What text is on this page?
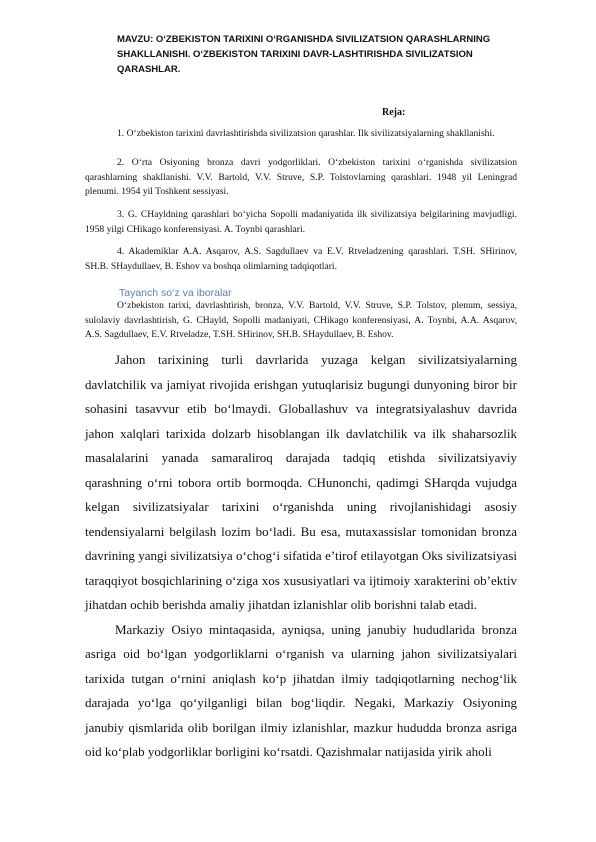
MAVZU: O‘ZBEKISTON TARIXINI O‘RGANISHDA SIVILIZATSION QARASHLARNING SHAKLLANISHI. O‘ZBEKISTON TARIXINI DAVR-LASHTIRISHDA SIVILIZATSION QARASHLAR.
Reja:

1. O‘zbekiston tarixini davrlashtirishda sivilizatsion qarashlar. Ilk sivilizatsiyalarning shakllanishi.

2. O‘rta Osiyoning bronza davri yodgorliklari. O‘zbekiston tarixini o‘rganishda sivilizatsion qarashlarning shakllanishi. V.V. Bartold, V.V. Struve, S.P. Tolstovlarning qarashlari. 1948 yil Leningrad plenumi. 1954 yil Toshkent sessiyasi.

3. G. CHayldning qarashlari bo‘yicha Sopolli madaniyatida ilk sivilizatsiya belgilarining mavjudligi. 1958 yilgi CHikago konferensiyasi. A. Toynbi qarashlari.

4. Akademiklar A.A. Asqarov, A.S. Sagdullaev va E.V. Rtveladzening qarashlari. T.SH. SHirinov, SH.B. SHaydullaev, B. Eshov va boshqa olimlarning tadqiqotlari.

Tayanch so‘z va iboralar

O‘zbekiston tarixi, davrlashtirish, bronza, V.V. Bartold, V.V. Struve, S.P. Tolstov, plenum, sessiya, sulolaviy davrlashtirish, G. CHayld, Sopolli madaniyati, CHikago konferensiyasi, A. Toynbi, A.A. Asqarov, A.S. Sagdullaev, E.V. Rtveladze, T.SH. SHirinov, SH.B. SHaydullaev, B. Eshov.

Jahon tarixining turli davrlarida yuzaga kelgan sivilizatsiyalarning davlatchilik va jamiyat rivojida erishgan yutuqlarisiz bugungi dunyoning biror bir sohasini tasavvur etib bo‘lmaydi. Globallashuv va integratsiyalashuv davrida jahon xalqlari tarixida dolzarb hisoblangan ilk davlatchilik va ilk shaharsozlik masalalarini yanada samaraliroq darajada tadqiq etishda sivilizatsiyaviy qarashning o‘rni tobora ortib bormoqda. CHunonchi, qadimgi SHarqda vujudga kelgan sivilizatsiyalar tarixini o‘rganishda uning rivojlanishidagi asosiy tendensiyalarni belgilash lozim bo‘ladi. Bu esa, mutaxassislar tomonidan bronza davrining yangi sivilizatsiya o‘chog‘i sifatida e’tirof etilayotgan Oks sivilizatsiyasi taraqqiyot bosqichlarining o‘ziga xos xususiyatlari va ijtimoiy xarakterini ob’ektiv jihatdan ochib berishda amaliy jihatdan izlanishlar olib borishni talab etadi.

Markaziy Osiyo mintaqasida, ayniqsa, uning janubiy hududlarida bronza asriga oid bo‘lgan yodgorliklarni o‘rganish va ularning jahon sivilizatsiyalari tarixida tutgan o‘rnini aniqlash ko‘p jihatdan ilmiy tadqiqotlarning nechog‘lik darajada yo‘lga qo‘yilganligi bilan bog‘liqdir. Negaki, Markaziy Osiyoning janubiy qismlarida olib borilgan ilmiy izlanishlar, mazkur hududda bronza asriga oid ko‘plab yodgorliklar borligini ko‘rsatdi. Qazishmalar natijasida yirik aholi
